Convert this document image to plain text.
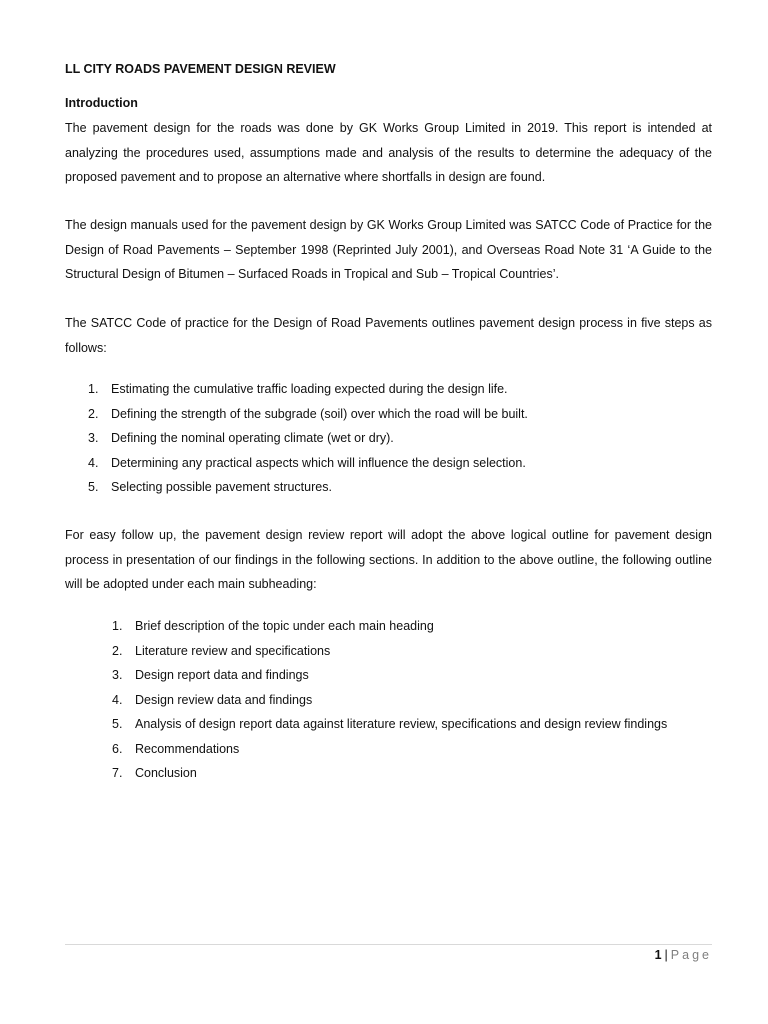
LL CITY ROADS PAVEMENT DESIGN REVIEW
Introduction

The pavement design for the roads was done by GK Works Group Limited in 2019. This report is intended at analyzing the procedures used, assumptions made and analysis of the results to determine the adequacy of the proposed pavement and to propose an alternative where shortfalls in design are found.

The design manuals used for the pavement design by GK Works Group Limited was SATCC Code of Practice for the Design of Road Pavements – September 1998 (Reprinted July 2001), and Overseas Road Note 31 ‘A Guide to the Structural Design of Bitumen – Surfaced Roads in Tropical and Sub – Tropical Countries’.

The SATCC Code of practice for the Design of Road Pavements outlines pavement design process in five steps as follows:

1.	Estimating the cumulative traffic loading expected during the design life.
2.	Defining the strength of the subgrade (soil) over which the road will be built.
3.	Defining the nominal operating climate (wet or dry).
4.	Determining any practical aspects which will influence the design selection.
5.	Selecting possible pavement structures.

For easy follow up, the pavement design review report will adopt the above logical outline for pavement design process in presentation of our findings in the following sections. In addition to the above outline, the following outline will be adopted under each main subheading:

1.	Brief description of the topic under each main heading
2.	Literature review and specifications
3.	Design report data and findings
4.	Design review data and findings
5.	Analysis of design report data against literature review, specifications and design review findings
6.	Recommendations
7.	Conclusion
1 | Page
